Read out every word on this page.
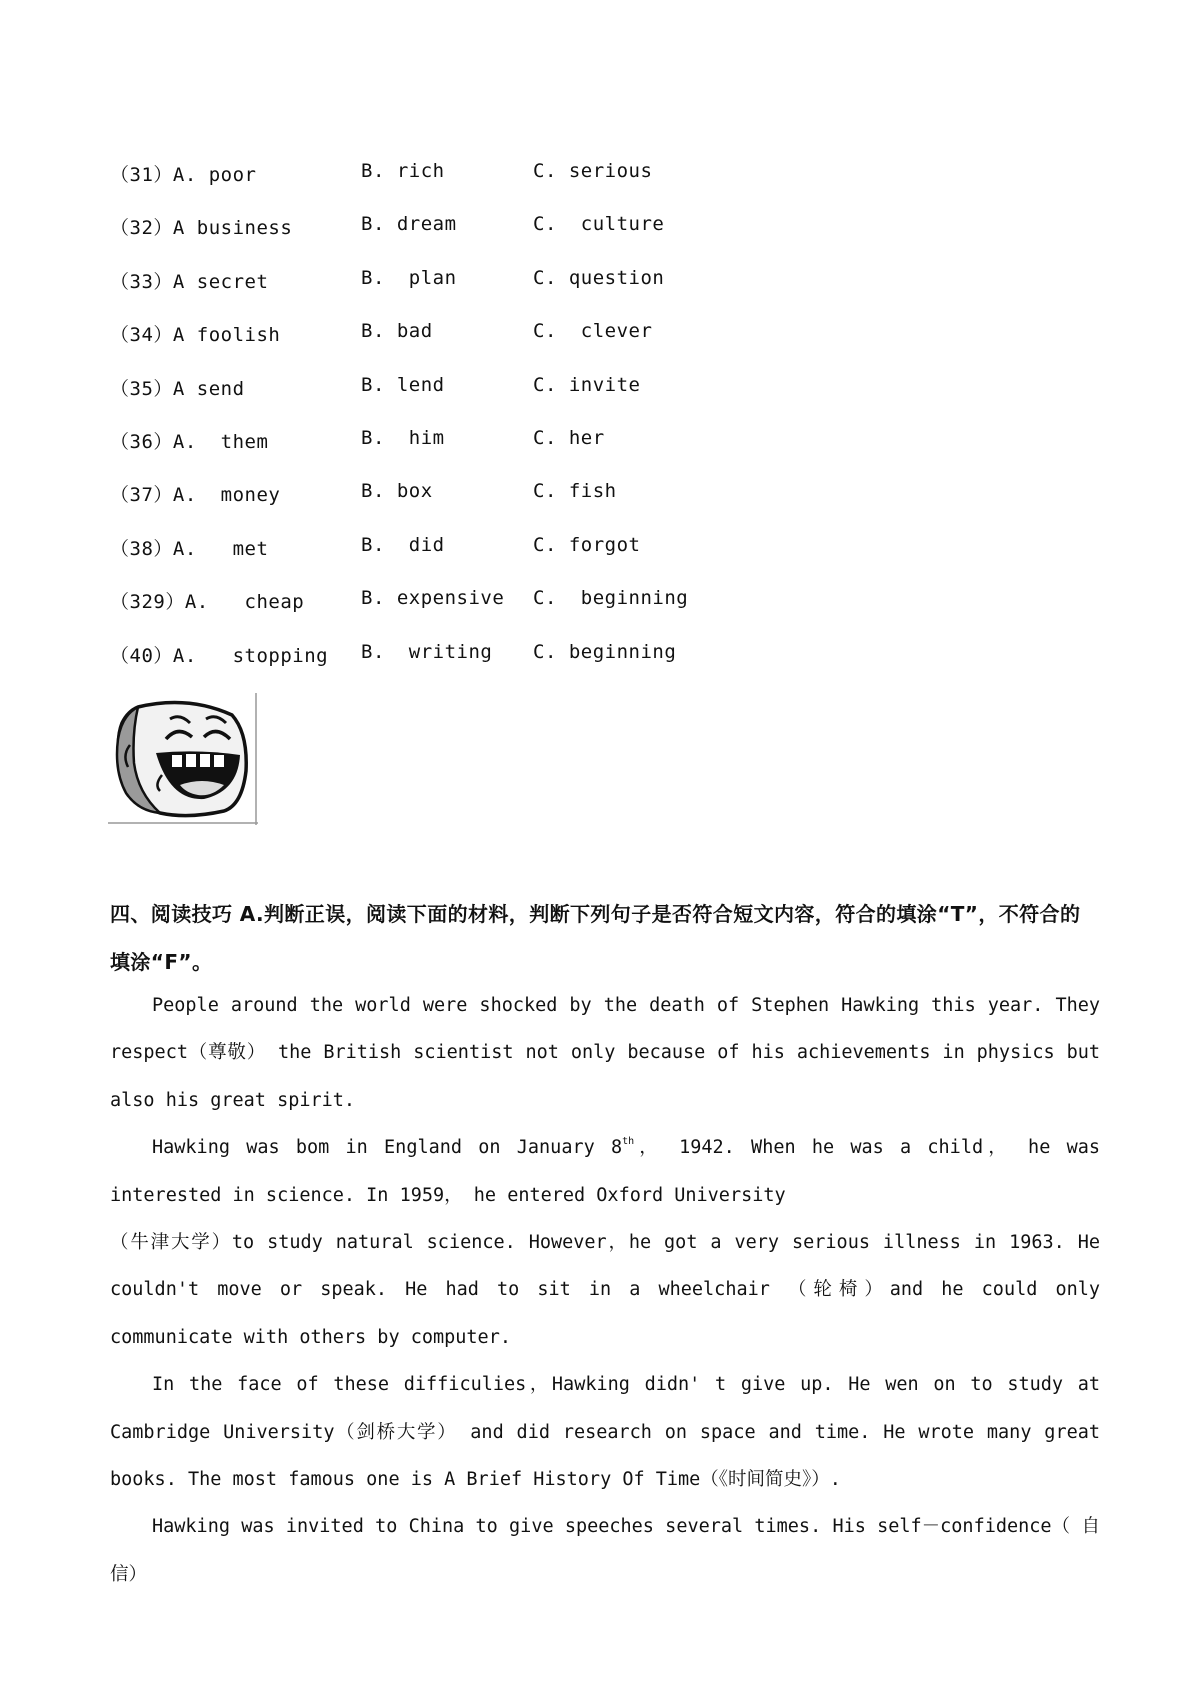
（31）A. poor	B. rich	C. serious
（32）A business	B. dream	C.  culture
（33）A secret	B.  plan	C. question
（34）A foolish	B. bad	C.  clever
（35）A send	B. lend	C. invite
（36）A.  them	B.  him	C. her
（37）A.  money	B. box	C. fish
（38）A.   met	B.  did	C. forgot
（329）A.   cheap	B. expensive C.  beginning
（40）A.   stopping B.  writing C. beginning
四、阅读技巧 A.判断正误，阅读下面的材料，判断下列句子是否符合短文内容，符合的填涂“T”，不符合的填涂“F”。

People around the world were shocked by the death of Stephen Hawking this year. They respect（尊敬） the British scientist not only because of his achievements in physics but also his great spirit.

Hawking was bom in England on January 8th， 1942. When he was a child， he was interested in science. In 1959， he entered Oxford University

（牛津大学）to study natural science. However，he got a very serious illness in 1963. He couldn't move or speak. He had to sit in a wheelchair （轮椅）and he could only communicate with others by computer.

In the face of these difficulies，Hawking didn' t give up. He wen on to study at Cambridge University（剑桥大学） and did research on space and time. He wrote many great books. The most famous one is A Brief History Of Time（《时间简史》）.

Hawking was invited to China to give speeches several times. His self－confidence（ 自信）
